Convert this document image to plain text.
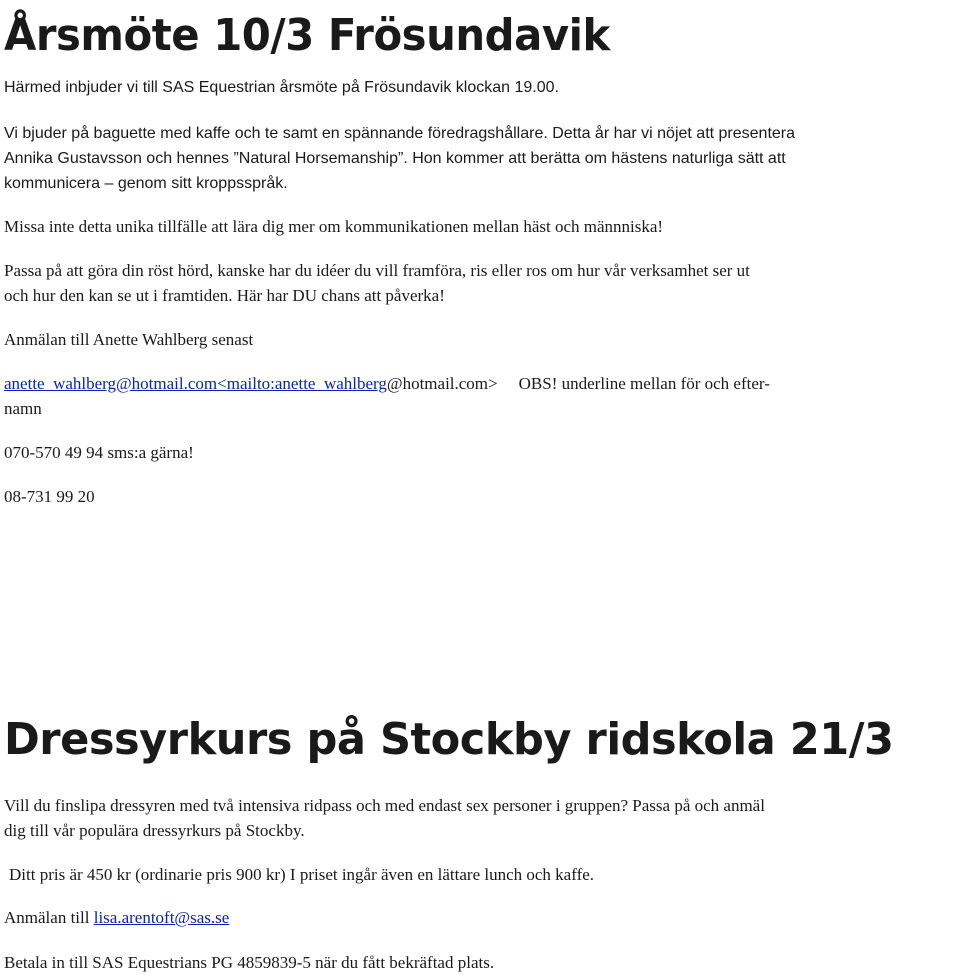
Årsmöte 10/3 Frösundavik

Härmed inbjuder vi till SAS Equestrian årsmöte på Frösundavik klockan 19.00.

Vi bjuder på baguette med kaffe och te samt en spännande föredragshållare. Detta år har vi nöjet att presentera

Annika Gustavsson och hennes ”Natural Horsemanship”. Hon kommer att berätta om hästens naturliga sätt att

kommunicera – genom sitt kroppsspråk.

Missa inte detta unika tillfälle att lära dig mer om kommunikationen mellan häst och männniska!

Passa på att göra din röst hörd, kanske har du idéer du vill framföra, ris eller ros om hur vår verksamhet ser ut

och hur den kan se ut i framtiden. Här har DU chans att påverka!

Anmälan till Anette Wahlberg senast

anette_wahlberg@hotmail.com<mailto:anette_wahlberg@hotmail.com> OBS! underline mellan för och efter-

namn

070-570 49 94 sms:a gärna!

08-731 99 20

Dressyrkurs på Stockby ridskola 21/3

Vill du finslipa dressyren med två intensiva ridpass och med endast sex personer i gruppen? Passa på och anmäl

dig till vår populära dressyrkurs på Stockby.

Ditt pris är 450 kr (ordinarie pris 900 kr) I priset ingår även en lättare lunch och kaffe.

Anmälan till lisa.arentoft@sas.se

Betala in till SAS Equestrians PG 4859839-5 när du fått bekräftad plats.
